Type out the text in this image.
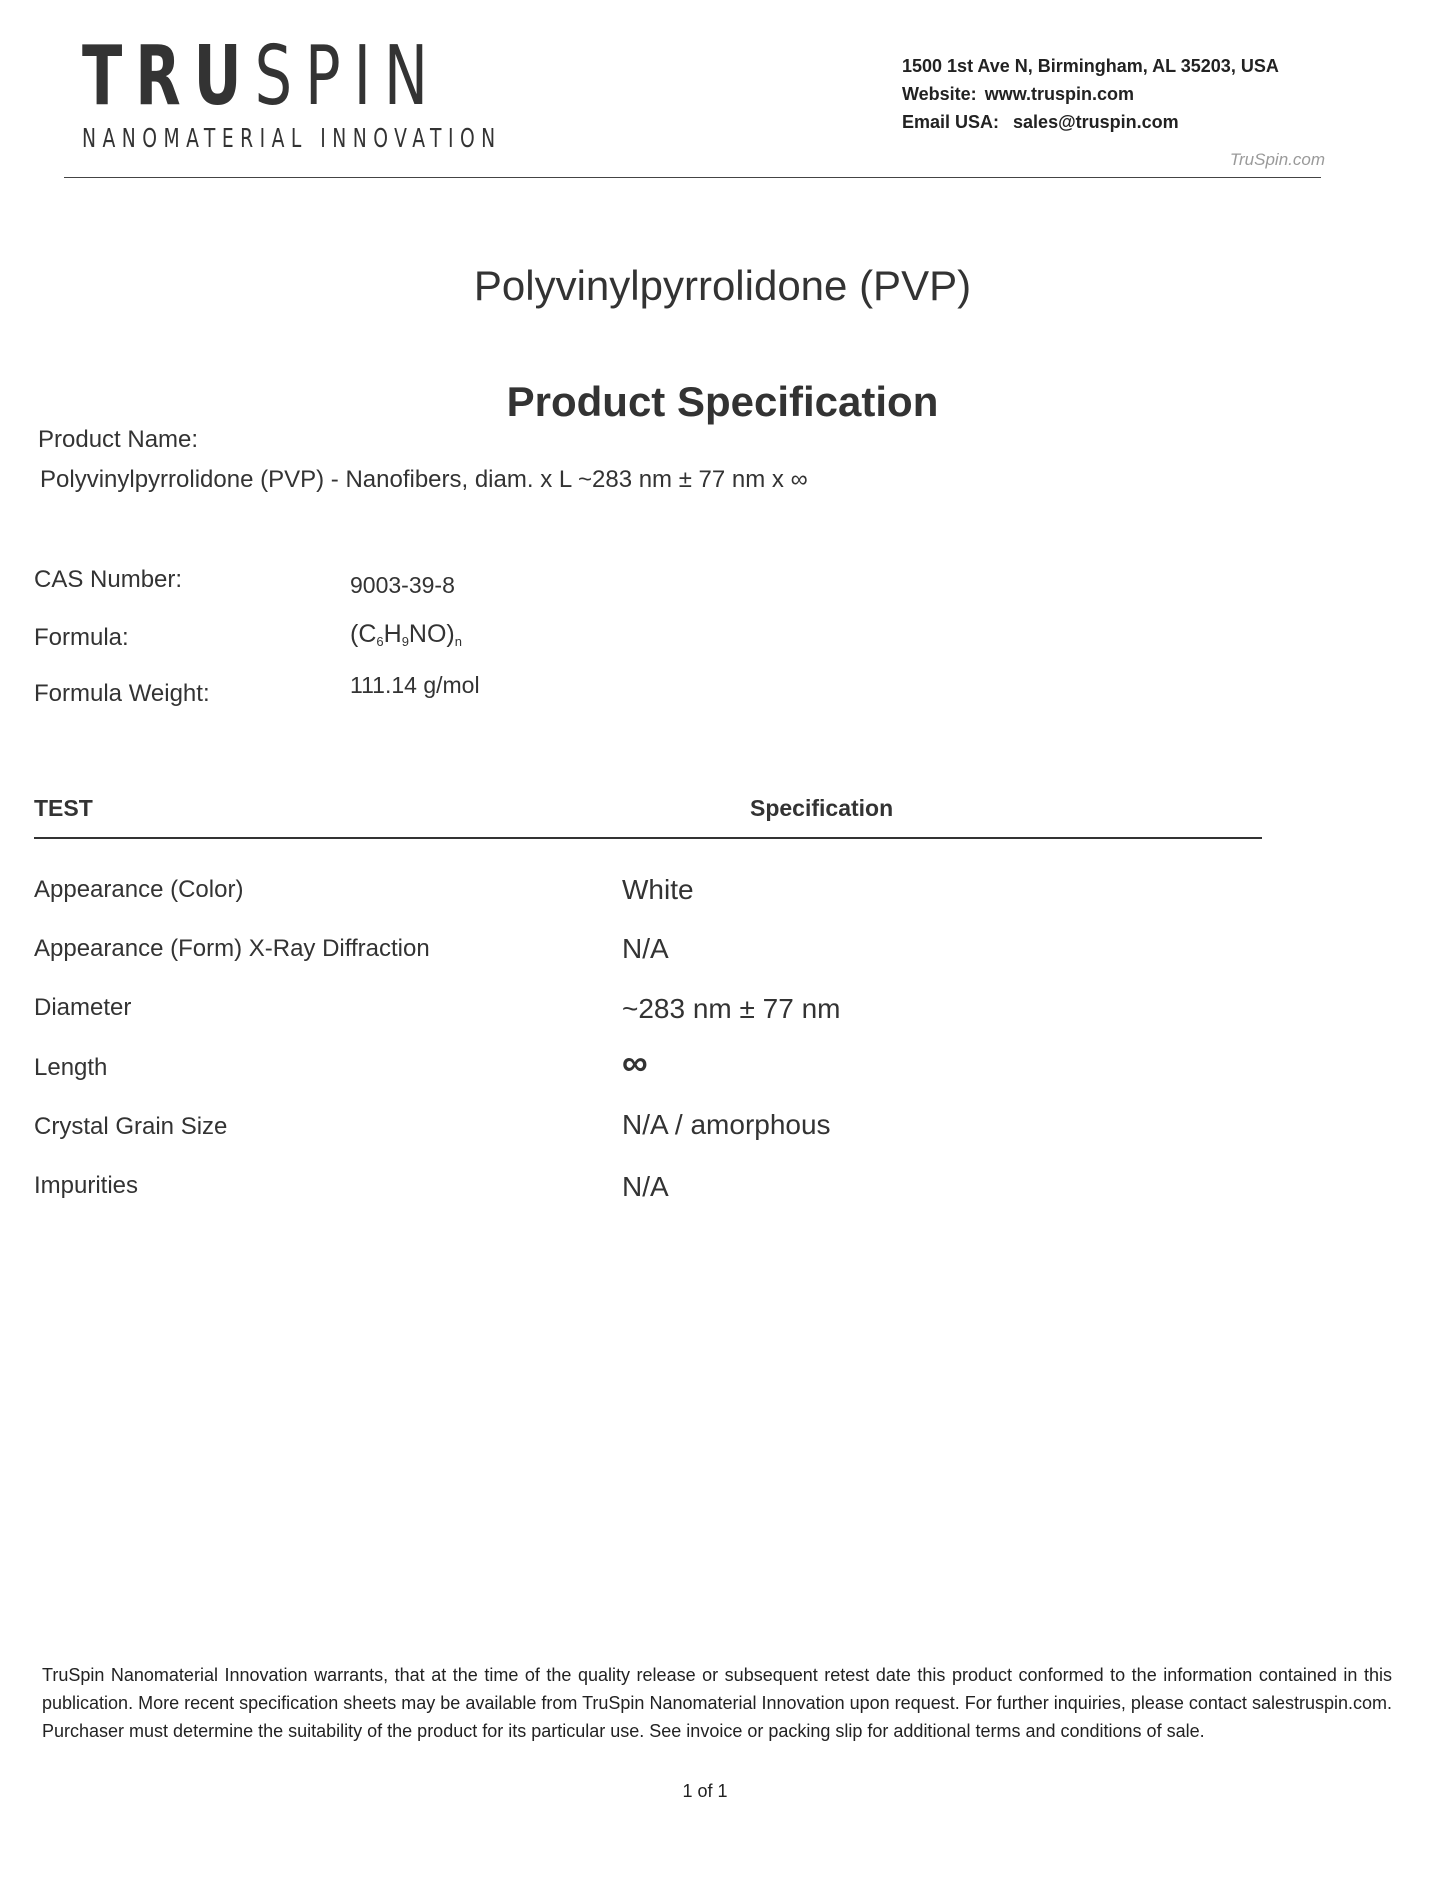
TRUSPIN
NANOMATERIAL INNOVATION
1500 1st Ave N, Birmingham, AL 35203, USA
Website: www.truspin.com
Email USA: sales@truspin.com
TruSpin.com
Polyvinylpyrrolidone (PVP)
Product Specification
Product Name:
Polyvinylpyrrolidone (PVP) - Nanofibers, diam. x L ~283 nm ± 77 nm x ∞
CAS Number:	9003-39-8
Formula:	$(C_6H_9NO)_n$
Formula Weight:	111.14 g/mol
TEST	Specification
Appearance (Color)	White
Appearance (Form) X-Ray Diffraction	N/A
Diameter	~283 nm ± 77 nm
Length	∞
Crystal Grain Size	N/A / amorphous
Impurities	N/A
TruSpin Nanomaterial Innovation warrants, that at the time of the quality release or subsequent retest date this product conformed to the information contained in this publication. More recent specification sheets may be available from TruSpin Nanomaterial Innovation upon request. For further inquiries, please contact salestruspin.com. Purchaser must determine the suitability of the product for its particular use. See invoice or packing slip for additional terms and conditions of sale.
1 of 1
